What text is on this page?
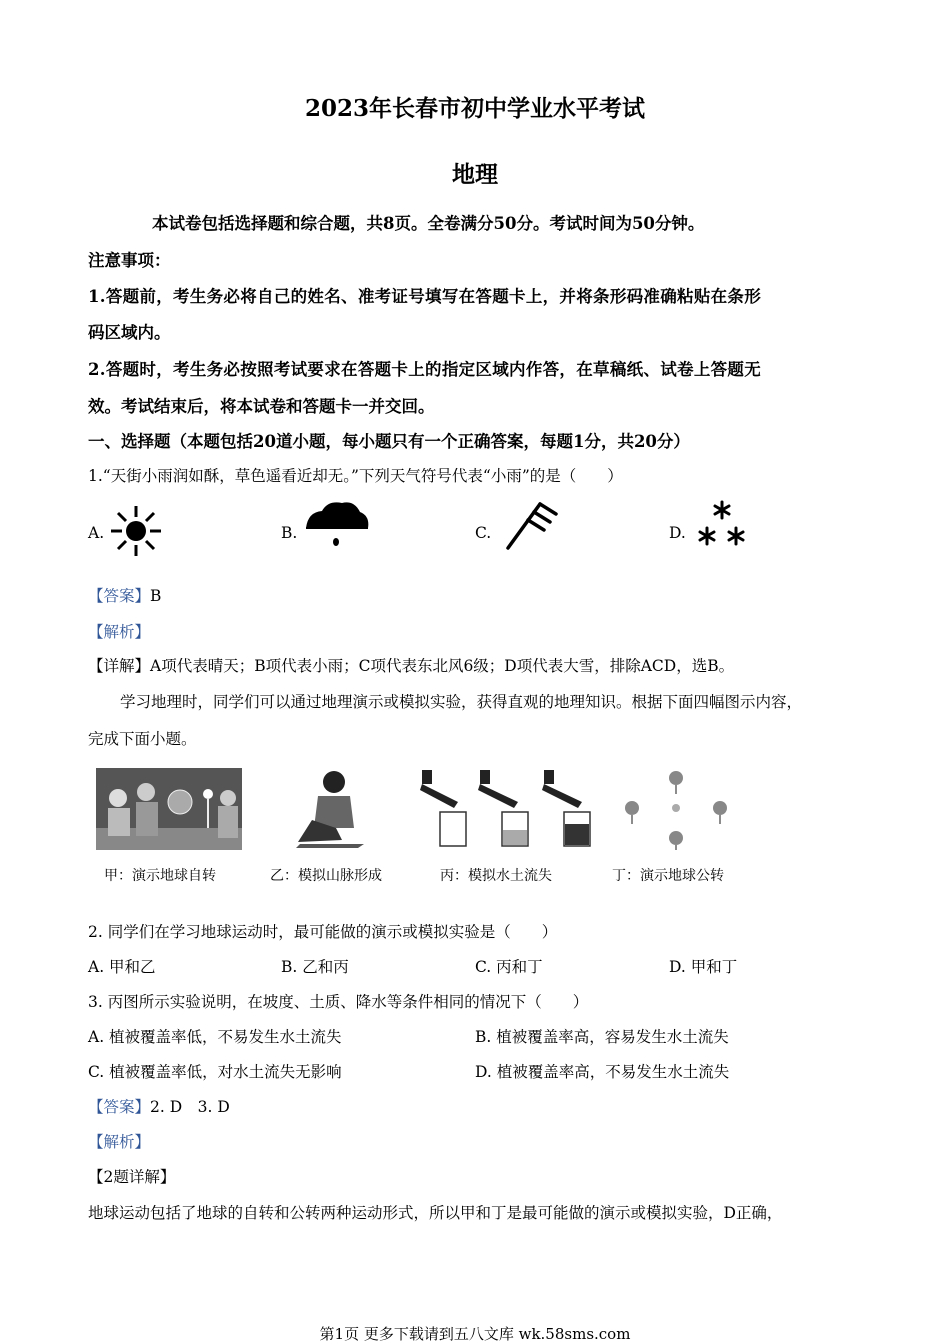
2023年长春市初中学业水平考试
地理
本试卷包括选择题和综合题，共8页。全卷满分50分。考试时间为50分钟。
注意事项：
1.答题前，考生务必将自己的姓名、准考证号填写在答题卡上，并将条形码准确粘贴在条形
码区域内。
2.答题时，考生务必按照考试要求在答题卡上的指定区域内作答，在草稿纸、试卷上答题无
效。考试结束后，将本试卷和答题卡一并交回。
一、选择题（本题包括20道小题，每小题只有一个正确答案，每题1分，共20分）
1.“天街小雨润如酥，草色遥看近却无。”下列天气符号代表“小雨”的是（　　）
A.	B.	C.	D.
【答案】B
【解析】
【详解】A项代表晴天；B项代表小雨；C项代表东北风6级；D项代表大雪，排除ACD，选B。
学习地理时，同学们可以通过地理演示或模拟实验，获得直观的地理知识。根据下面四幅图示内容，
完成下面小题。
甲：演示地球自转	乙：模拟山脉形成	丙：模拟水土流失	丁：演示地球公转
2. 同学们在学习地球运动时，最可能做的演示或模拟实验是（　　）
A. 甲和乙	B. 乙和丙	C. 丙和丁	D. 甲和丁
3. 丙图所示实验说明，在坡度、土质、降水等条件相同的情况下（　　）
A. 植被覆盖率低，不易发生水土流失	B. 植被覆盖率高，容易发生水土流失
C. 植被覆盖率低，对水土流失无影响	D. 植被覆盖率高，不易发生水土流失
【答案】2. D　3. D
【解析】
【2题详解】
地球运动包括了地球的自转和公转两种运动形式，所以甲和丁是最可能做的演示或模拟实验，D正确，
第1页 更多下载请到五八文库 wk.58sms.com
